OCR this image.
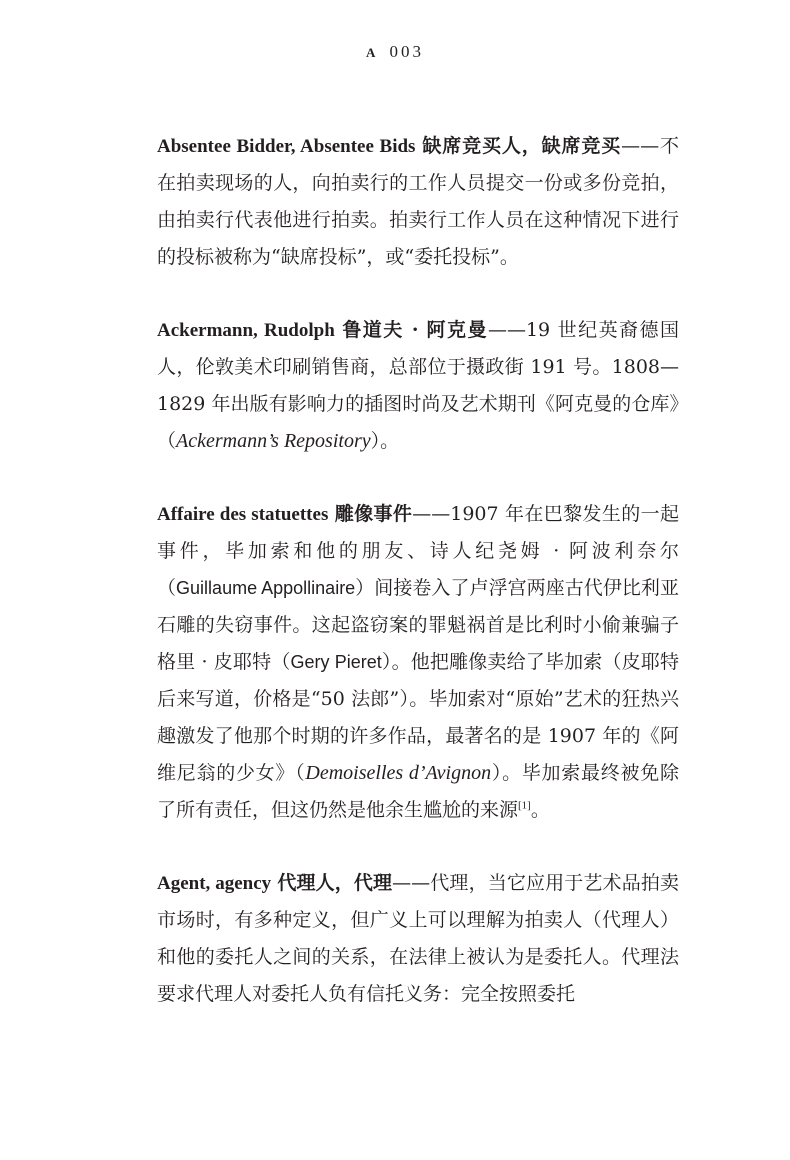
A 003

Absentee Bidder, Absentee Bids 缺席竞买人，缺席竞买——不在拍卖现场的人，向拍卖行的工作人员提交一份或多份竞拍，由拍卖行代表他进行拍卖。拍卖行工作人员在这种情况下进行的投标被称为“缺席投标”，或“委托投标”。

Ackermann, Rudolph 鲁道夫 · 阿克曼——19 世纪英裔德国人，伦敦美术印刷销售商，总部位于摄政街 191 号。1808—1829 年出版有影响力的插图时尚及艺术期刊《阿克曼的仓库》（Ackermann’s Repository）。

Affaire des statuettes 雕像事件——1907 年在巴黎发生的一起事件，毕加索和他的朋友、诗人纪尧姆 · 阿波利奈尔（Guillaume Appollinaire）间接卷入了卢浮宫两座古代伊比利亚石雕的失窃事件。这起盗窃案的罪魁祸首是比利时小偷兼骗子格里 · 皮耶特（Gery Pieret）。他把雕像卖给了毕加索（皮耶特后来写道，价格是“50 法郎”）。毕加索对“原始”艺术的狂热兴趣激发了他那个时期的许多作品，最著名的是 1907 年的《阿维尼翁的少女》（Demoiselles d’Avignon）。毕加索最终被免除了所有责任，但这仍然是他余生尴尬的来源[1]。

Agent, agency 代理人，代理——代理，当它应用于艺术品拍卖市场时，有多种定义，但广义上可以理解为拍卖人（代理人）和他的委托人之间的关系，在法律上被认为是委托人。代理法要求代理人对委托人负有信托义务：完全按照委托
